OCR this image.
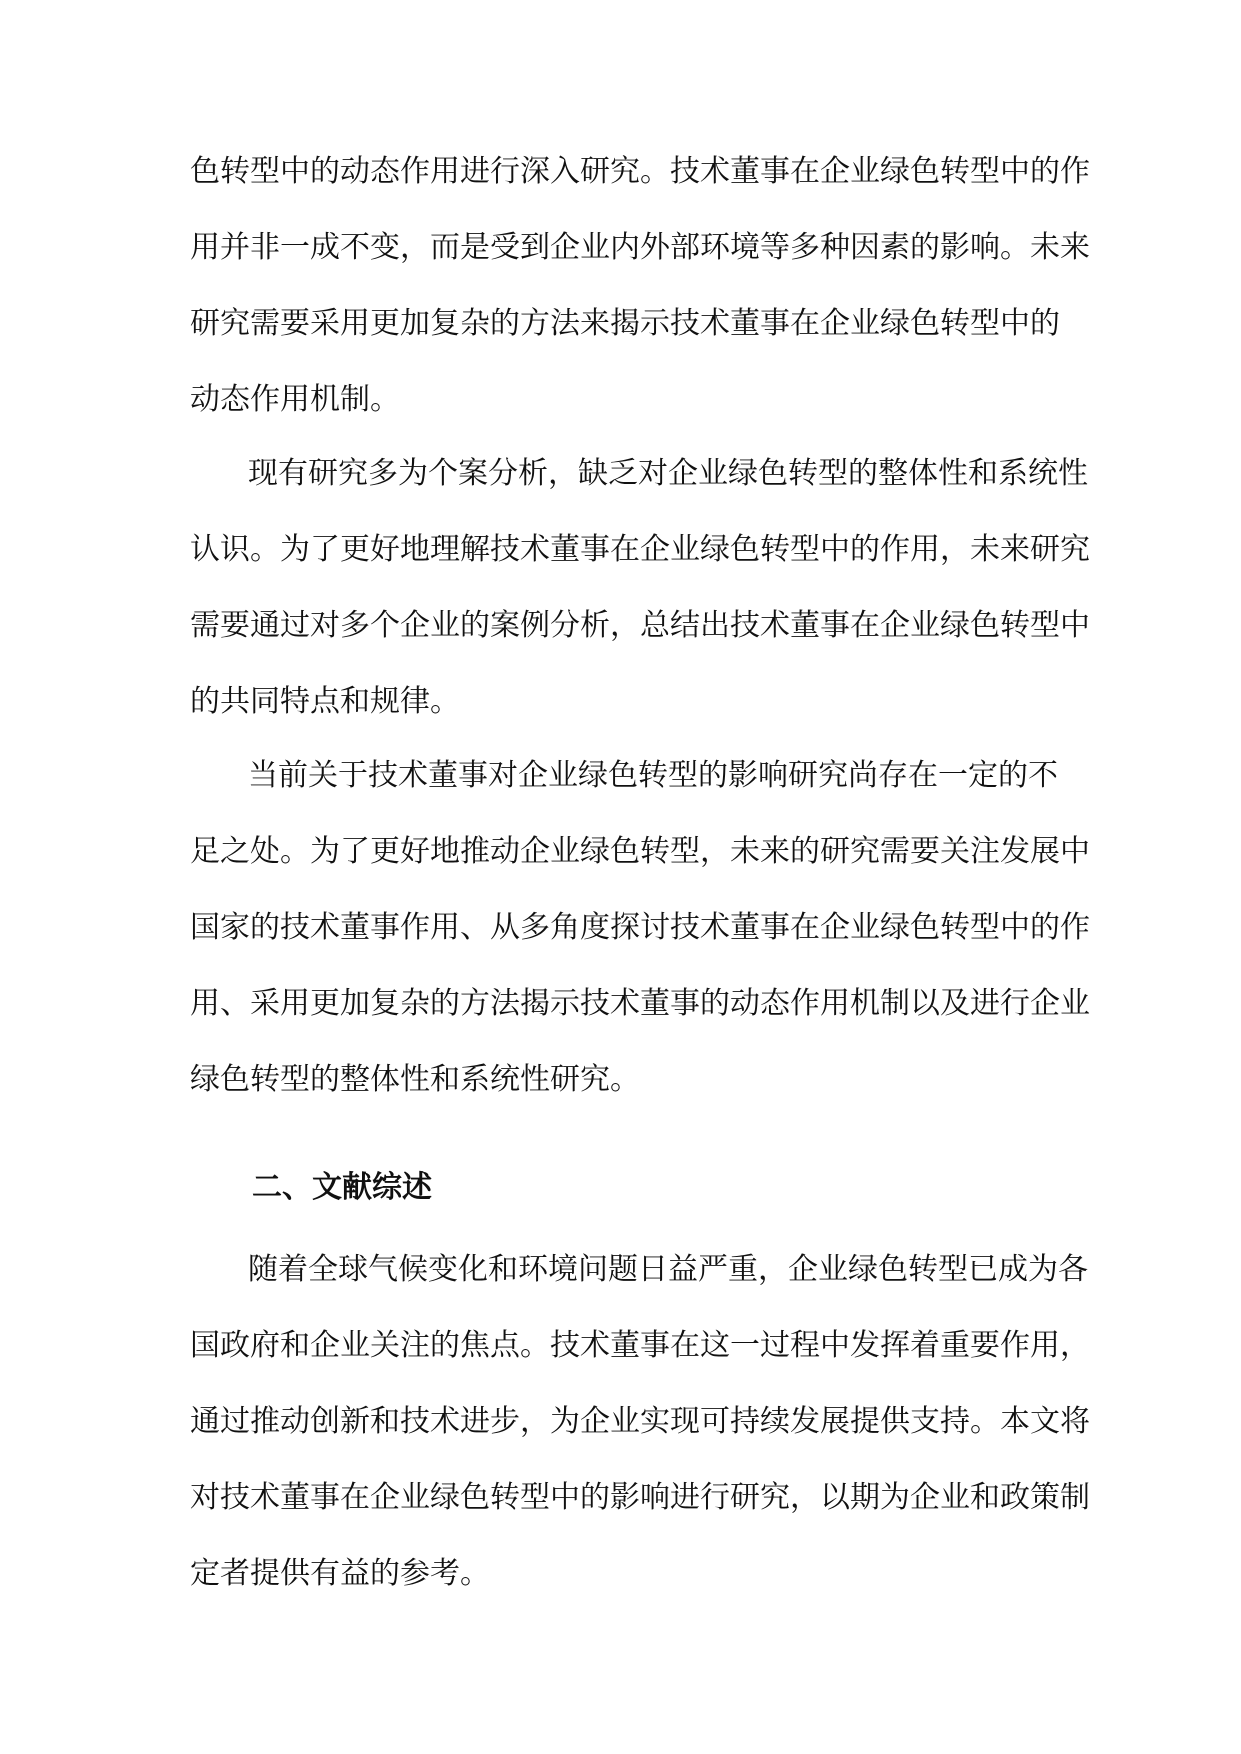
色转型中的动态作用进行深入研究。技术董事在企业绿色转型中的作
用并非一成不变，而是受到企业内外部环境等多种因素的影响。未来
研究需要采用更加复杂的方法来揭示技术董事在企业绿色转型中的
动态作用机制。
现有研究多为个案分析，缺乏对企业绿色转型的整体性和系统性
认识。为了更好地理解技术董事在企业绿色转型中的作用，未来研究
需要通过对多个企业的案例分析，总结出技术董事在企业绿色转型中
的共同特点和规律。
当前关于技术董事对企业绿色转型的影响研究尚存在一定的不
足之处。为了更好地推动企业绿色转型，未来的研究需要关注发展中
国家的技术董事作用、从多角度探讨技术董事在企业绿色转型中的作
用、采用更加复杂的方法揭示技术董事的动态作用机制以及进行企业
绿色转型的整体性和系统性研究。
二、文献综述
随着全球气候变化和环境问题日益严重，企业绿色转型已成为各
国政府和企业关注的焦点。技术董事在这一过程中发挥着重要作用，
通过推动创新和技术进步，为企业实现可持续发展提供支持。本文将
对技术董事在企业绿色转型中的影响进行研究，以期为企业和政策制
定者提供有益的参考。
